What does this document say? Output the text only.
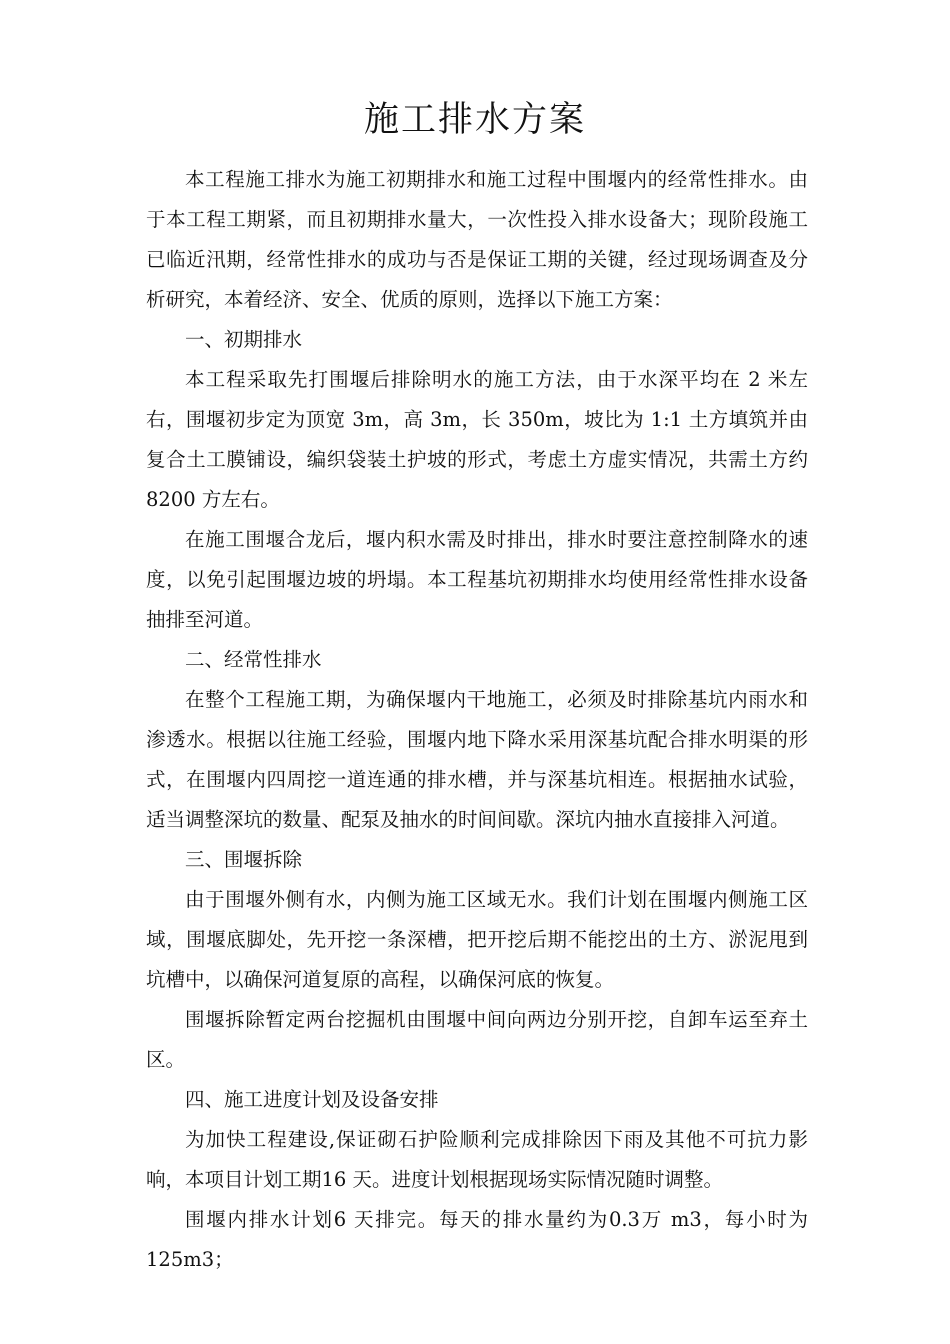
施工排水方案

本工程施工排水为施工初期排水和施工过程中围堰内的经常性排水。由于本工程工期紧，而且初期排水量大，一次性投入排水设备大；现阶段施工已临近汛期，经常性排水的成功与否是保证工期的关键，经过现场调查及分析研究，本着经济、安全、优质的原则，选择以下施工方案：

一、初期排水

本工程采取先打围堰后排除明水的施工方法，由于水深平均在 2 米左右，围堰初步定为顶宽 3m，高 3m，长 350m，坡比为 1:1 土方填筑并由复合土工膜铺设，编织袋装土护坡的形式，考虑土方虚实情况，共需土方约8200 方左右。

在施工围堰合龙后，堰内积水需及时排出，排水时要注意控制降水的速度，以免引起围堰边坡的坍塌。本工程基坑初期排水均使用经常性排水设备抽排至河道。

二、经常性排水

在整个工程施工期，为确保堰内干地施工，必须及时排除基坑内雨水和渗透水。根据以往施工经验，围堰内地下降水采用深基坑配合排水明渠的形式，在围堰内四周挖一道连通的排水槽，并与深基坑相连。根据抽水试验，适当调整深坑的数量、配泵及抽水的时间间歇。深坑内抽水直接排入河道。

三、围堰拆除

由于围堰外侧有水，内侧为施工区域无水。我们计划在围堰内侧施工区域，围堰底脚处，先开挖一条深槽，把开挖后期不能挖出的土方、淤泥甩到坑槽中，以确保河道复原的高程，以确保河底的恢复。

围堰拆除暂定两台挖掘机由围堰中间向两边分别开挖，自卸车运至弃土区。

四、施工进度计划及设备安排

为加快工程建设,保证砌石护险顺利完成排除因下雨及其他不可抗力影响，本项目计划工期16 天。进度计划根据现场实际情况随时调整。

围堰内排水计划6 天排完。每天的排水量约为0.3万 m3，每小时为125m3；
